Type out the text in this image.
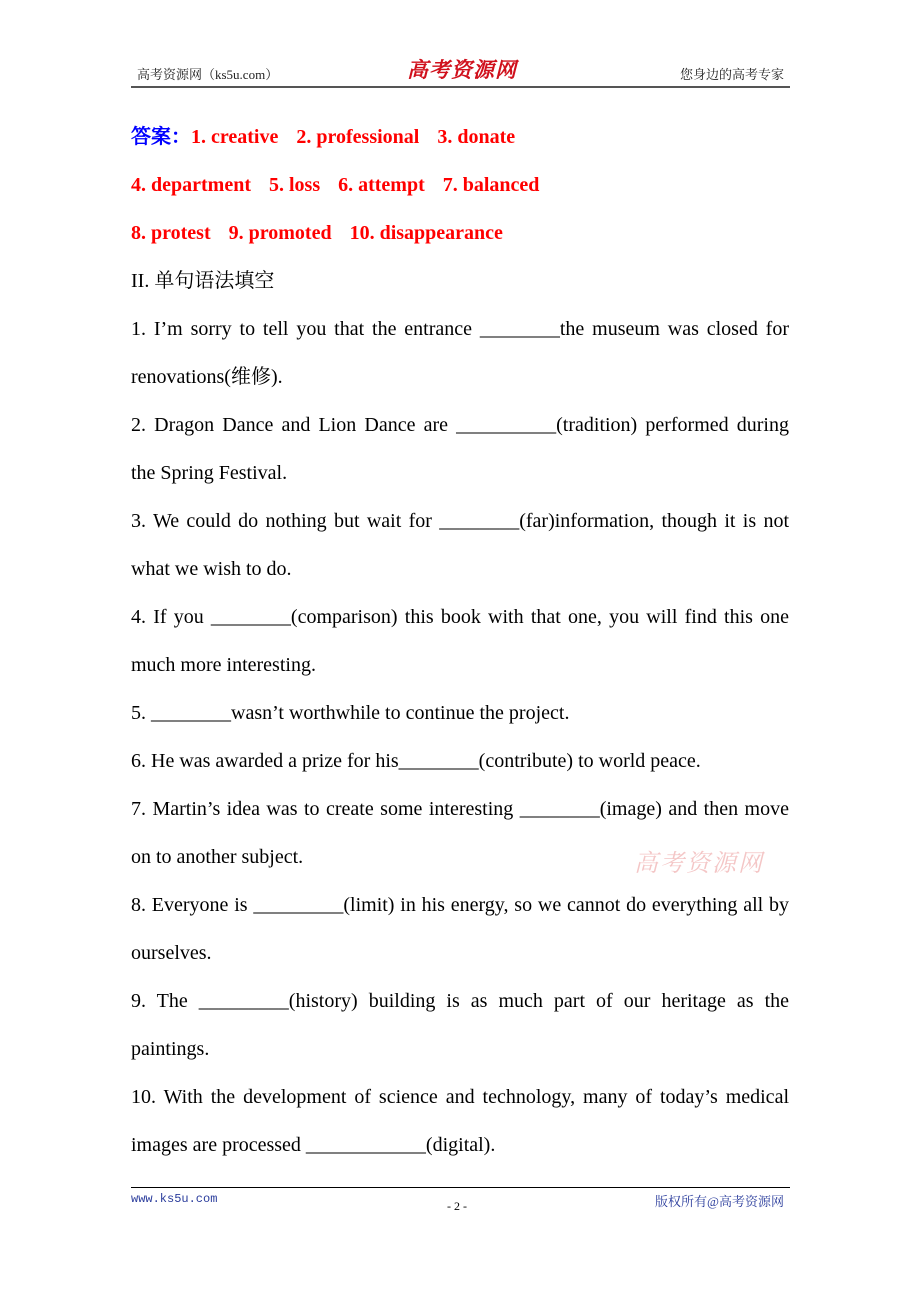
高考资源网（ks5u.com）	高考资源网	您身边的高考专家

答案：1. creative 2. professional 3. donate

4. department 5. loss 6. attempt 7. balanced

8. protest 9. promoted 10. disappearance

II. 单句语法填空

1. I’m sorry to tell you that the entrance ________the museum was closed for renovations(维修).

2. Dragon Dance and Lion Dance are __________(tradition) performed during the Spring Festival.

3. We could do nothing but wait for ________(far)information, though it is not what we wish to do.

4. If you ________(comparison) this book with that one, you will find this one much more interesting.

5. ________wasn’t worthwhile to continue the project.

6. He was awarded a prize for his________(contribute) to world peace.

7. Martin’s idea was to create some interesting ________(image) and then move on to another subject.

8. Everyone is _________(limit) in his energy, so we cannot do everything all by ourselves.

9. The _________(history) building is as much part of our heritage as the paintings.

10. With the development of science and technology, many of today’s medical images are processed ____________(digital).

高考资源网
www.ks5u.com	- 2 -	版权所有@高考资源网
